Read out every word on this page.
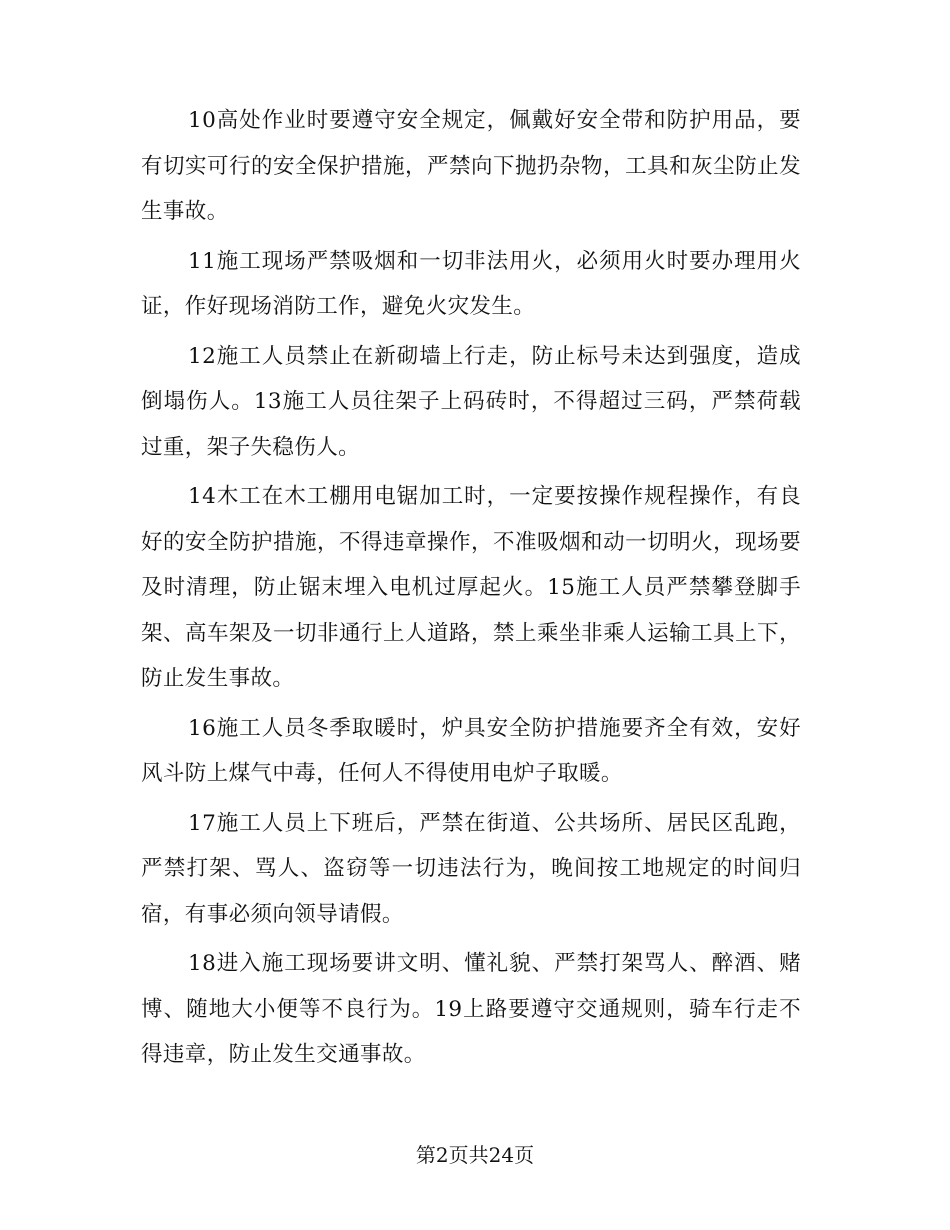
10高处作业时要遵守安全规定，佩戴好安全带和防护用品，要有切实可行的安全保护措施，严禁向下抛扔杂物，工具和灰尘防止发生事故。

11施工现场严禁吸烟和一切非法用火，必须用火时要办理用火证，作好现场消防工作，避免火灾发生。

12施工人员禁止在新砌墙上行走，防止标号未达到强度，造成倒塌伤人。13施工人员往架子上码砖时，不得超过三码，严禁荷载过重，架子失稳伤人。

14木工在木工棚用电锯加工时，一定要按操作规程操作，有良好的安全防护措施，不得违章操作，不准吸烟和动一切明火，现场要及时清理，防止锯末埋入电机过厚起火。15施工人员严禁攀登脚手架、高车架及一切非通行上人道路，禁上乘坐非乘人运输工具上下，防止发生事故。

16施工人员冬季取暖时，炉具安全防护措施要齐全有效，安好风斗防上煤气中毒，任何人不得使用电炉子取暖。

17施工人员上下班后，严禁在街道、公共场所、居民区乱跑，严禁打架、骂人、盗窃等一切违法行为，晚间按工地规定的时间归宿，有事必须向领导请假。

18进入施工现场要讲文明、懂礼貌、严禁打架骂人、醉酒、赌博、随地大小便等不良行为。19上路要遵守交通规则，骑车行走不得违章，防止发生交通事故。

第2页共24页
